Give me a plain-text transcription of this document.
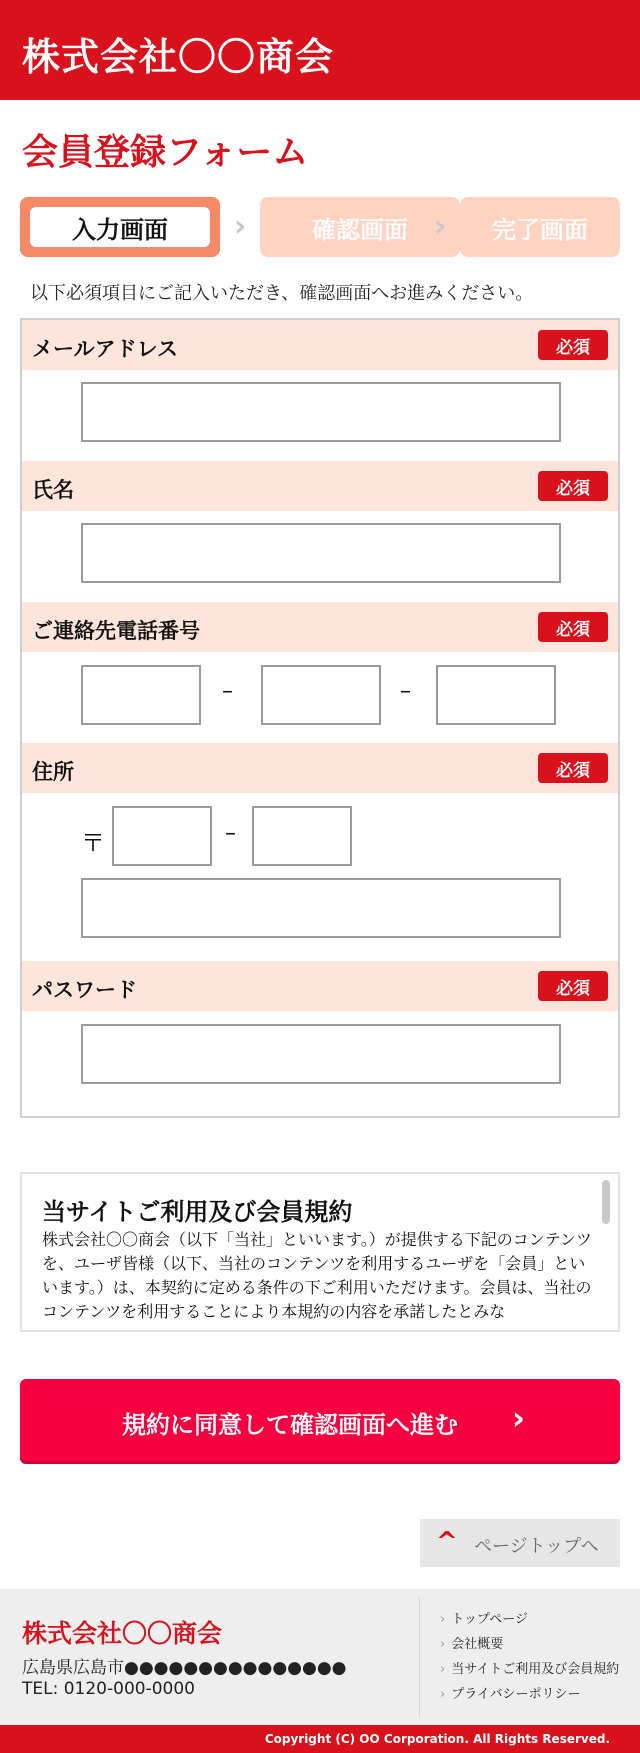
株式会社〇〇商会
会員登録フォーム
入力画面	›	確認画面 ›	完了画面
以下必須項目にご記入いただき、確認画面へお進みください。
メールアドレス	必須
氏名	必須
ご連絡先電話番号	必須
–	–
住所	必須
〒	–
パスワード	必須
当サイトご利用及び会員規約
株式会社〇〇商会（以下「当社」といいます。）が提供する下記のコンテンツを、ユーザ皆様（以下、当社のコンテンツを利用するユーザを「会員」といいます。）は、本契約に定める条件の下ご利用いただけます。会員は、当社のコンテンツを利用することにより本規約の内容を承諾したとみな
規約に同意して確認画面へ進む	›
^ ページトップへ
株式会社〇〇商会
広島県広島市●●●●●●●●●●●●●●●
TEL: 0120-000-0000
› トップページ
› 会社概要
› 当サイトご利用及び会員規約
› プライバシーポリシー
Copyright (C) OO Corporation. All Rights Reserved.
